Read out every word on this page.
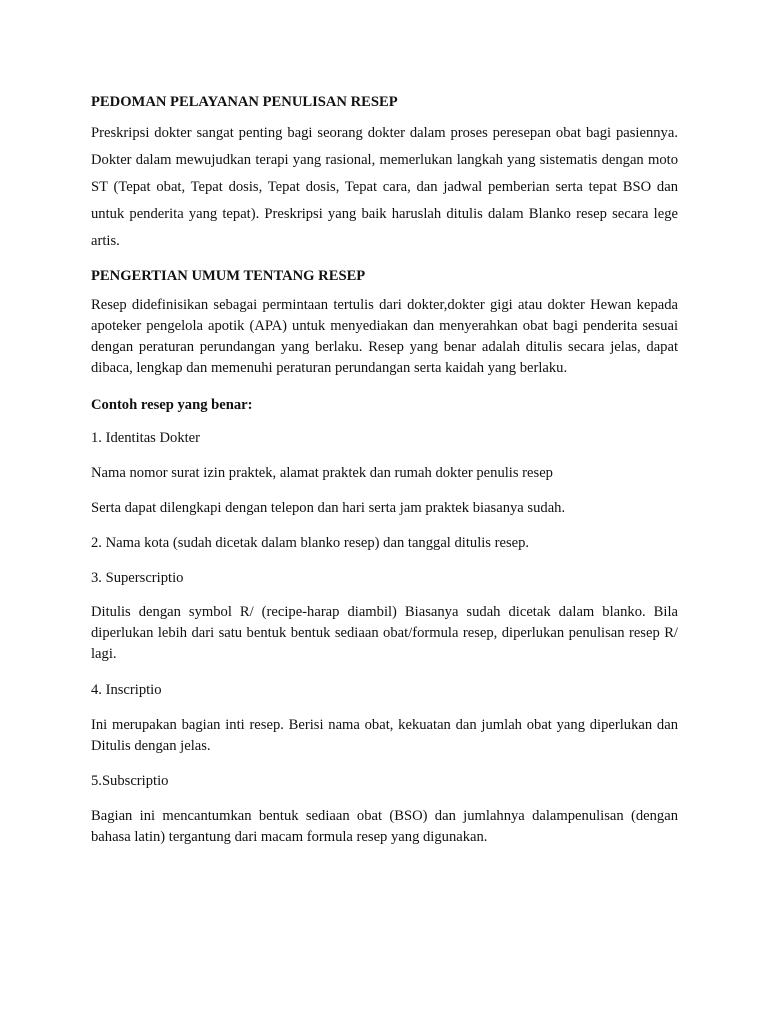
PEDOMAN PELAYANAN PENULISAN RESEP

Preskripsi dokter sangat penting bagi seorang dokter dalam proses peresepan obat bagi pasiennya. Dokter dalam mewujudkan terapi yang rasional, memerlukan langkah yang sistematis dengan moto ST (Tepat obat, Tepat dosis, Tepat dosis, Tepat cara, dan jadwal pemberian serta tepat BSO dan untuk penderita yang tepat). Preskripsi yang baik haruslah ditulis dalam Blanko resep secara lege artis.

PENGERTIAN UMUM TENTANG RESEP

Resep didefinisikan sebagai permintaan tertulis dari dokter,dokter gigi atau dokter Hewan kepada apoteker pengelola apotik (APA) untuk menyediakan dan menyerahkan obat bagi penderita sesuai dengan peraturan perundangan yang berlaku. Resep yang benar adalah ditulis secara jelas, dapat dibaca, lengkap dan memenuhi peraturan perundangan serta kaidah yang berlaku.

Contoh resep yang benar:

1. Identitas Dokter

Nama nomor surat izin praktek, alamat praktek dan rumah dokter penulis resep

Serta dapat dilengkapi dengan telepon dan hari serta jam praktek biasanya sudah.

2. Nama kota (sudah dicetak dalam blanko resep) dan tanggal ditulis resep.

3. Superscriptio

Ditulis dengan symbol R/ (recipe-harap diambil) Biasanya sudah dicetak dalam blanko. Bila diperlukan lebih dari satu bentuk bentuk sediaan obat/formula resep, diperlukan penulisan resep R/ lagi.

4. Inscriptio

Ini merupakan bagian inti resep. Berisi nama obat, kekuatan dan jumlah obat yang diperlukan dan Ditulis dengan jelas.

5.Subscriptio

Bagian ini mencantumkan bentuk sediaan obat (BSO) dan jumlahnya dalampenulisan (dengan bahasa latin) tergantung dari macam formula resep yang digunakan.
